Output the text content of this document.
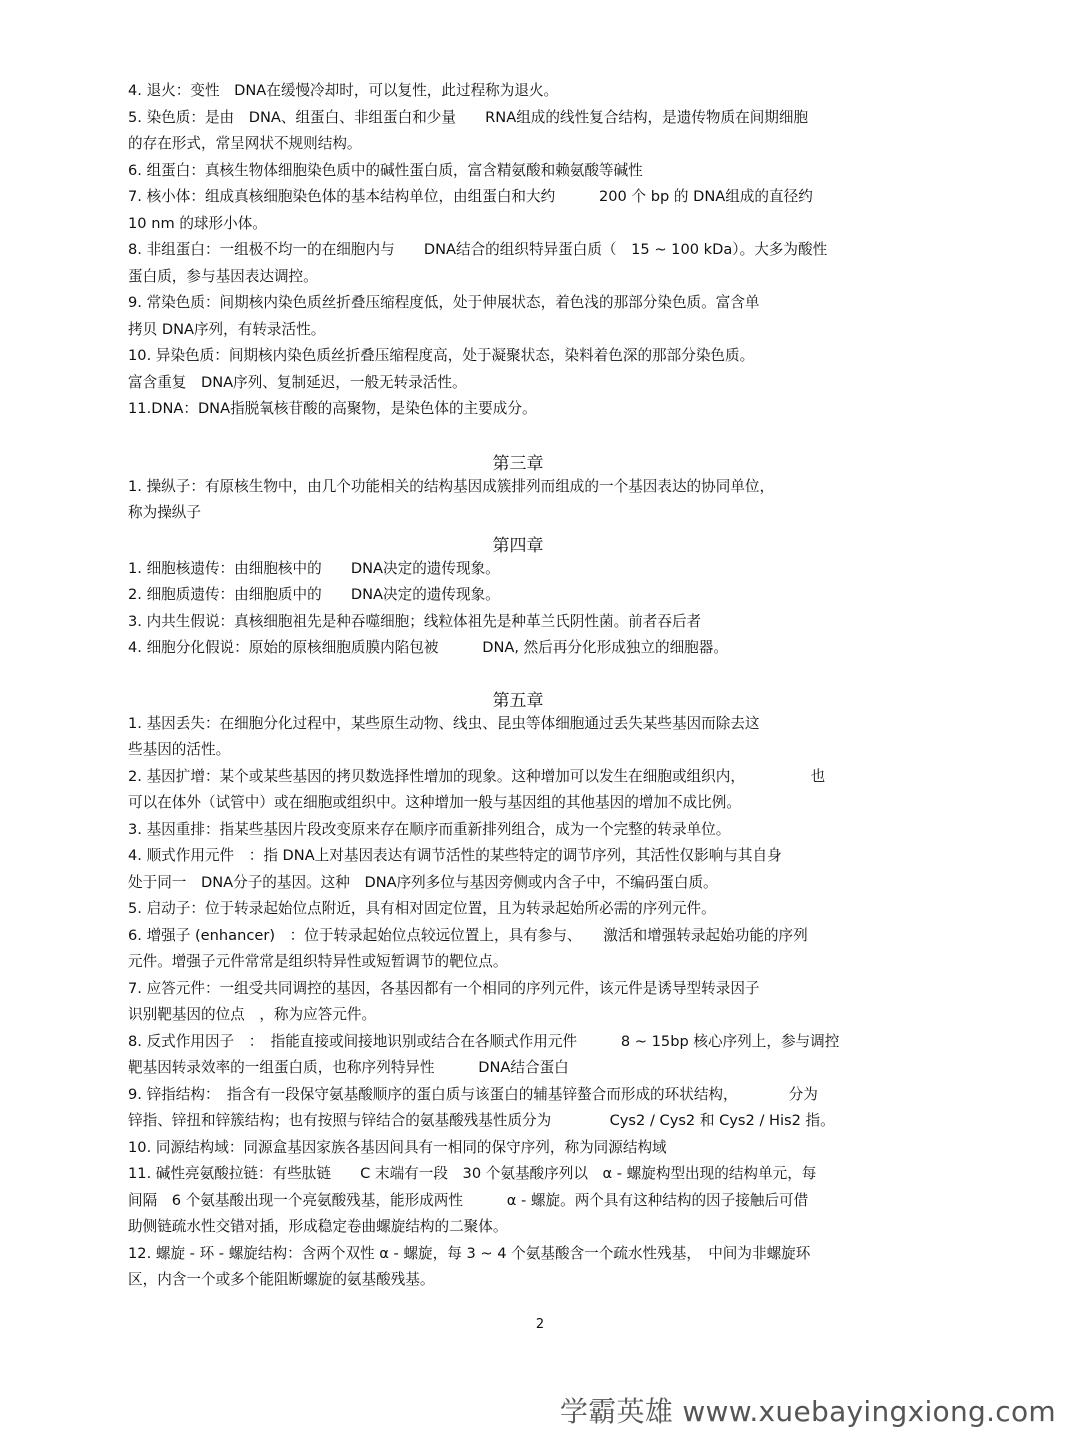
4. 退火：变性　DNA在缓慢冷却时，可以复性，此过程称为退火。

5. 染色质：是由　DNA、组蛋白、非组蛋白和少量　　RNA组成的线性复合结构，是遗传物质在间期细胞

的存在形式，常呈网状不规则结构。

6. 组蛋白：真核生物体细胞染色质中的碱性蛋白质，富含精氨酸和赖氨酸等碱性

7. 核小体：组成真核细胞染色体的基本结构单位，由组蛋白和大约　　　200 个 bp 的 DNA组成的直径约

10 nm 的球形小体。

8. 非组蛋白：一组极不均一的在细胞内与　　DNA结合的组织特异蛋白质（　15 ~ 100 kDa）。大多为酸性

蛋白质，参与基因表达调控。

9. 常染色质：间期核内染色质丝折叠压缩程度低，处于伸展状态，着色浅的那部分染色质。富含单

拷贝 DNA序列，有转录活性。

10. 异染色质：间期核内染色质丝折叠压缩程度高，处于凝聚状态，染料着色深的那部分染色质。

富含重复　DNA序列、复制延迟，一般无转录活性。

11.DNA：DNA指脱氧核苷酸的高聚物，是染色体的主要成分。

第三章

1. 操纵子：有原核生物中，由几个功能相关的结构基因成簇排列而组成的一个基因表达的协同单位，

称为操纵子

第四章

1. 细胞核遗传：由细胞核中的　　DNA决定的遗传现象。

2. 细胞质遗传：由细胞质中的　　DNA决定的遗传现象。

3. 内共生假说：真核细胞祖先是种吞噬细胞；线粒体祖先是种革兰氏阴性菌。前者吞后者

4. 细胞分化假说：原始的原核细胞质膜内陷包被　　　DNA, 然后再分化形成独立的细胞器。

第五章

1. 基因丢失：在细胞分化过程中，某些原生动物、线虫、昆虫等体细胞通过丢失某些基因而除去这

些基因的活性。

2. 基因扩增：某个或某些基因的拷贝数选择性增加的现象。这种增加可以发生在细胞或组织内，　　　　　也

可以在体外（试管中）或在细胞或组织中。这种增加一般与基因组的其他基因的增加不成比例。

3. 基因重排：指某些基因片段改变原来存在顺序而重新排列组合，成为一个完整的转录单位。

4. 顺式作用元件　：指 DNA上对基因表达有调节活性的某些特定的调节序列，其活性仅影响与其自身

处于同一　DNA分子的基因。这种　DNA序列多位与基因旁侧或内含子中，不编码蛋白质。

5. 启动子：位于转录起始位点附近，具有相对固定位置，且为转录起始所必需的序列元件。

6. 增强子 (enhancer)　：位于转录起始位点较远位置上，具有参与、　　激活和增强转录起始功能的序列

元件。增强子元件常常是组织特异性或短暂调节的靶位点。

7. 应答元件：一组受共同调控的基因，各基因都有一个相同的序列元件，该元件是诱导型转录因子

识别靶基因的位点　，称为应答元件。

8. 反式作用因子　：　指能直接或间接地识别或结合在各顺式作用元件　　　8 ~ 15bp 核心序列上，参与调控

靶基因转录效率的一组蛋白质，也称序列特异性　　　DNA结合蛋白

9. 锌指结构：　指含有一段保守氨基酸顺序的蛋白质与该蛋白的辅基锌螯合而形成的环状结构，　　　　分为

锌指、锌扭和锌簇结构；也有按照与锌结合的氨基酸残基性质分为　　　　Cys2 / Cys2 和 Cys2 / His2 指。

10. 同源结构域：同源盒基因家族各基因间具有一相同的保守序列，称为同源结构域

11. 碱性亮氨酸拉链：有些肽链　　C 末端有一段　30 个氨基酸序列以　α - 螺旋构型出现的结构单元，每

间隔　6 个氨基酸出现一个亮氨酸残基，能形成两性　　　α - 螺旋。两个具有这种结构的因子接触后可借

助侧链疏水性交错对插，形成稳定卷曲螺旋结构的二聚体。

12. 螺旋 - 环 - 螺旋结构：含两个双性 α - 螺旋，每 3 ~ 4 个氨基酸含一个疏水性残基，　中间为非螺旋环

区，内含一个或多个能阻断螺旋的氨基酸残基。

2
学霸英雄 www.xuebayingxiong.com
